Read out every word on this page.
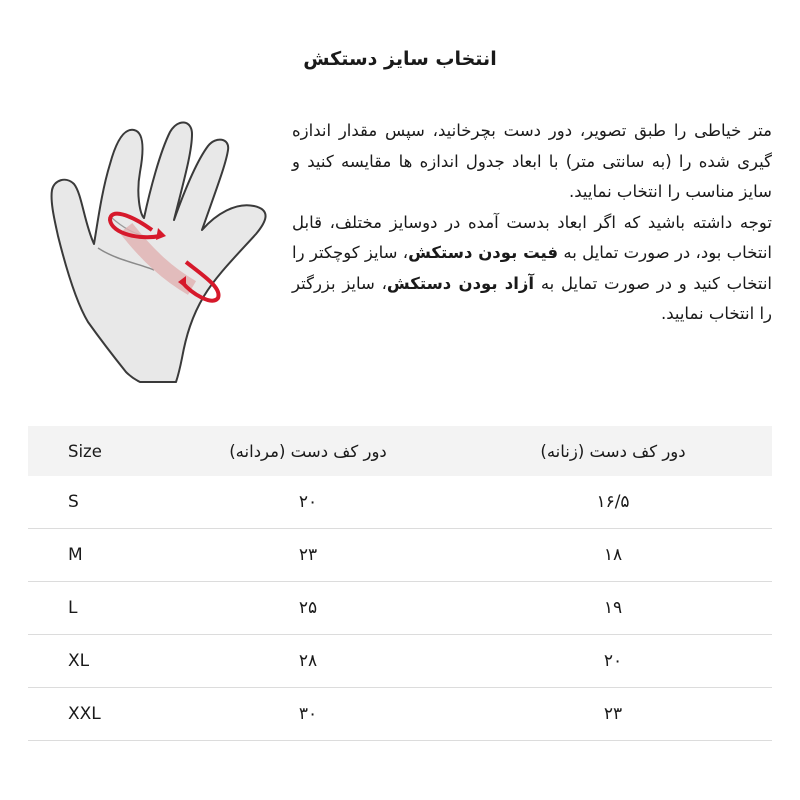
انتخاب سایز دستکش

متر خیاطی را طبق تصویر، دور دست بچرخانید، سپس مقدار اندازه گیری شده را (به سانتی متر) با ابعاد جدول اندازه ها مقایسه کنید و سایز مناسب را انتخاب نمایید.

توجه داشته باشید که اگر ابعاد بدست آمده در دوسایز مختلف، قابل انتخاب بود، در صورت تمایل به فیت بودن دستکش، سایز کوچکتر را انتخاب کنید و در صورت تمایل به آزاد بودن دستکش، سایز بزرگتر را انتخاب نمایید.

Size	دور کف دست (مردانه)	دور کف دست (زنانه)
S	۲۰	۱۶/۵
M	۲۳	۱۸
L	۲۵	۱۹
XL	۲۸	۲۰
XXL	۳۰	۲۳
